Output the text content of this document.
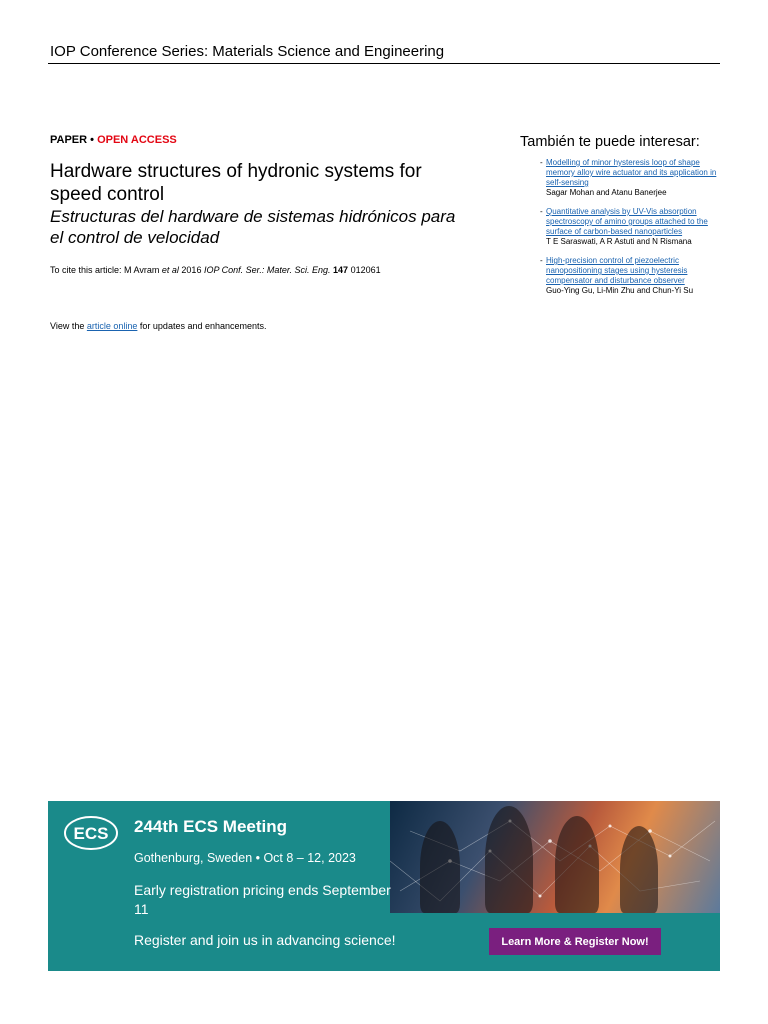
IOP Conference Series: Materials Science and Engineering
PAPER • OPEN ACCESS
Hardware structures of hydronic systems for speed control
Estructuras del hardware de sistemas hidrónicos para el control de velocidad
To cite this article: M Avram et al 2016 IOP Conf. Ser.: Mater. Sci. Eng. 147 012061
View the article online for updates and enhancements.
También te puede interesar:
- Modelling of minor hysteresis loop of shape memory alloy wire actuator and its application in self-sensing
Sagar Mohan and Atanu Banerjee
- Quantitative analysis by UV-Vis absorption spectroscopy of amino groups attached to the surface of carbon-based nanoparticles
T E Saraswati, A R Astuti and N Rismana
- High-precision control of piezoelectric nanopositioning stages using hysteresis compensator and disturbance observer
Guo-Ying Gu, Li-Min Zhu and Chun-Yi Su
ECS 244th ECS Meeting
Gothenburg, Sweden • Oct 8 – 12, 2023
Early registration pricing ends September 11
Register and join us in advancing science!	Learn More & Register Now!
